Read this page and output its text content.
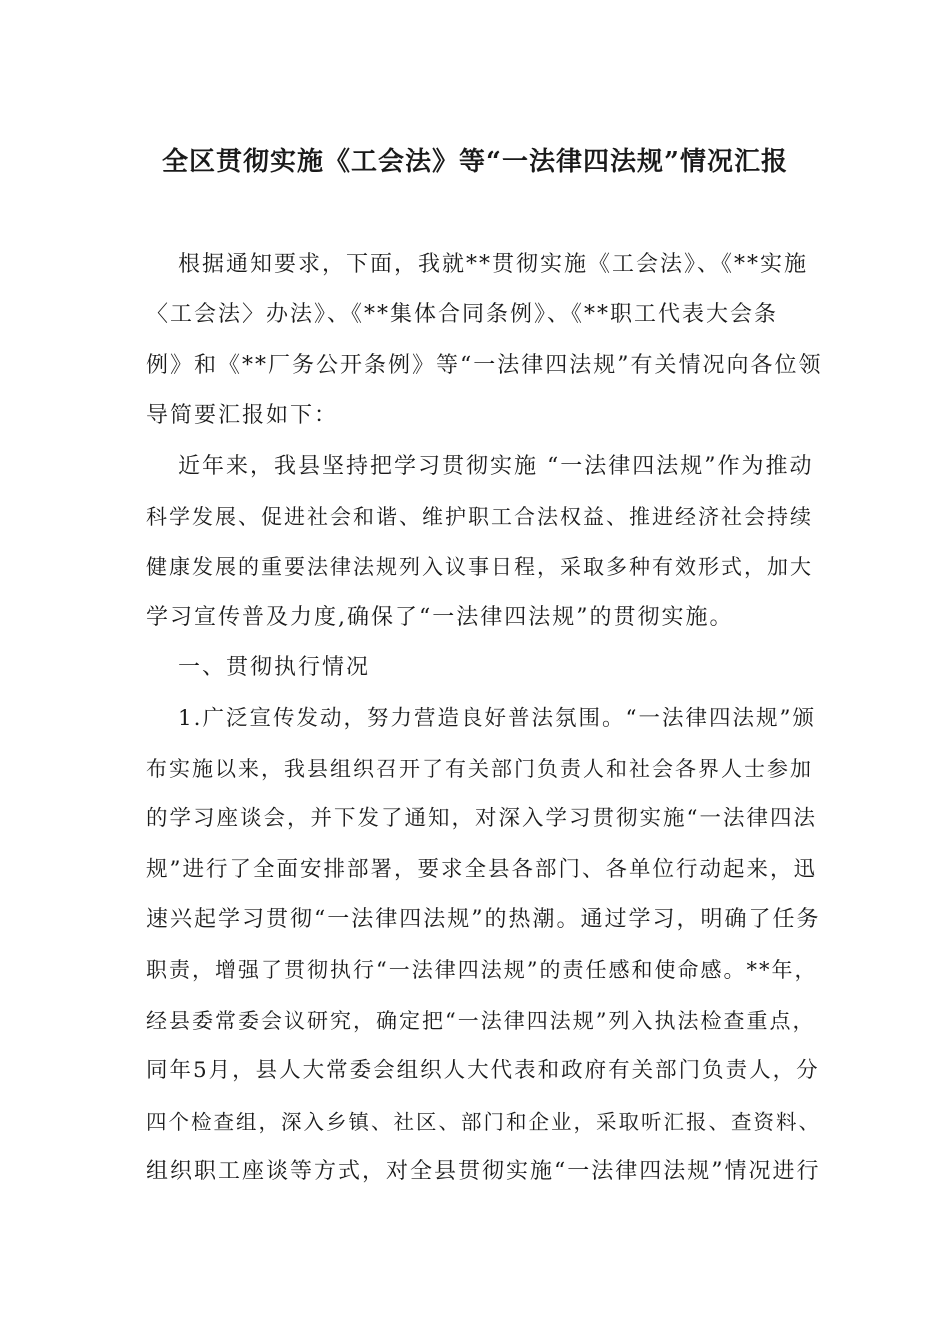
全区贯彻实施《工会法》等“一法律四法规”情况汇报
根据通知要求，下面，我就**贯彻实施《工会法》、《**实施
〈工会法〉办法》、《**集体合同条例》、《**职工代表大会条
例》和《**厂务公开条例》等“一法律四法规”有关情况向各位领
导简要汇报如下：
近年来，我县坚持把学习贯彻实施 “一法律四法规”作为推动
科学发展、促进社会和谐、维护职工合法权益、推进经济社会持续
健康发展的重要法律法规列入议事日程，采取多种有效形式，加大
学习宣传普及力度,确保了“一法律四法规”的贯彻实施。
一、贯彻执行情况
1.广泛宣传发动，努力营造良好普法氛围。“一法律四法规”颁
布实施以来，我县组织召开了有关部门负责人和社会各界人士参加
的学习座谈会，并下发了通知，对深入学习贯彻实施“一法律四法
规”进行了全面安排部署，要求全县各部门、各单位行动起来，迅
速兴起学习贯彻“一法律四法规”的热潮。通过学习，明确了任务
职责，增强了贯彻执行“一法律四法规”的责任感和使命感。**年，
经县委常委会议研究，确定把“一法律四法规”列入执法检查重点，
同年5月，县人大常委会组织人大代表和政府有关部门负责人，分
四个检查组，深入乡镇、社区、部门和企业，采取听汇报、查资料、
组织职工座谈等方式，对全县贯彻实施“一法律四法规”情况进行
